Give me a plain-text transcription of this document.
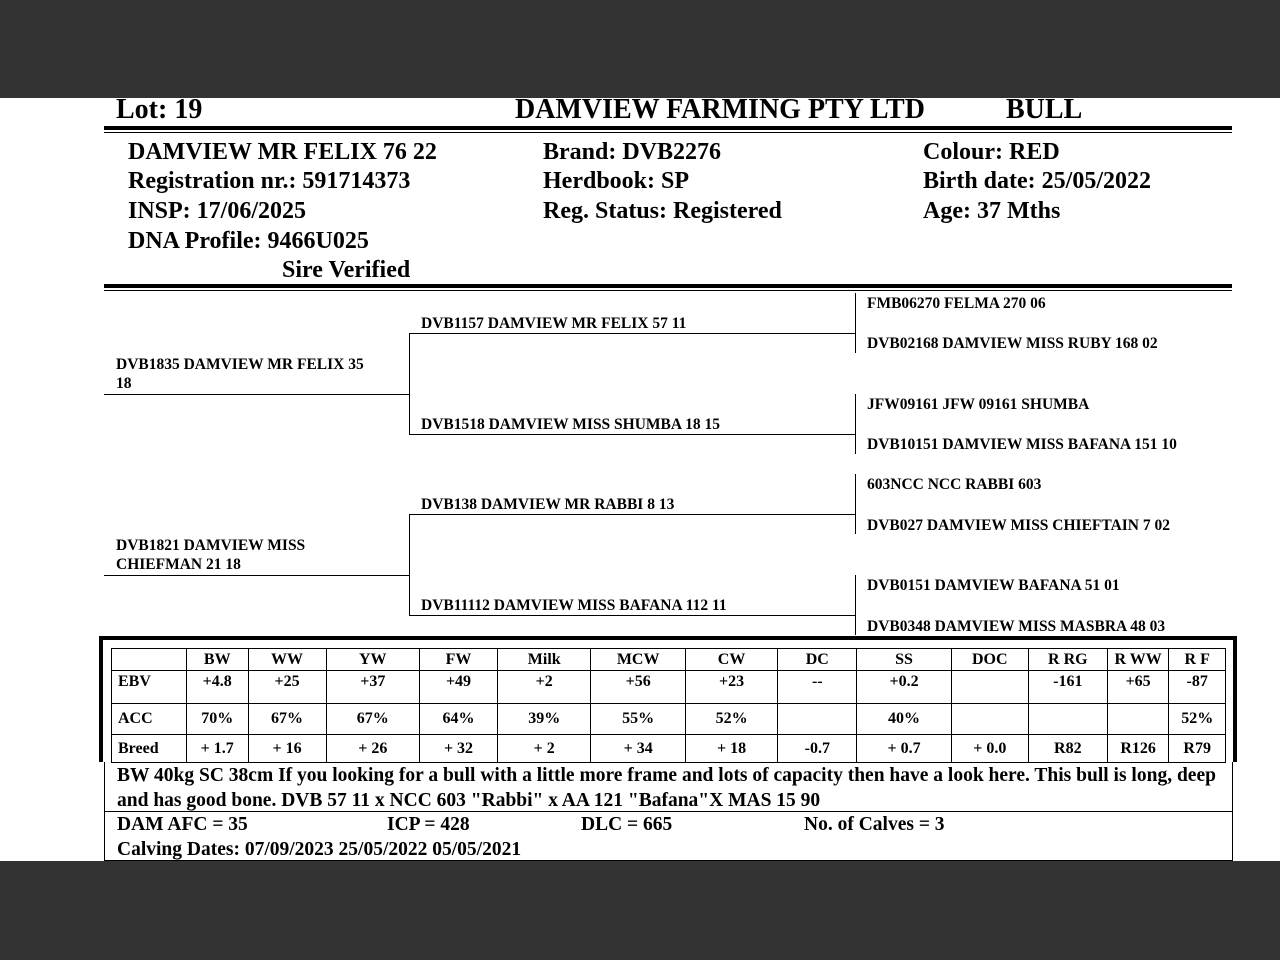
Lot: 19	DAMVIEW FARMING PTY LTD	BULL
DAMVIEW MR FELIX 76 22
Registration nr.: 591714373
INSP: 17/06/2025
DNA Profile: 9466U025
Sire Verified
Brand: DVB2276
Herdbook: SP
Reg. Status: Registered
Colour: RED
Birth date: 25/05/2022
Age: 37 Mths
DVB1835 DAMVIEW MR FELIX 35
18
DVB1821 DAMVIEW MISS
CHIEFMAN 21 18
DVB1157 DAMVIEW MR FELIX 57 11
DVB1518 DAMVIEW MISS SHUMBA 18 15
DVB138 DAMVIEW MR RABBI 8 13
DVB11112 DAMVIEW MISS BAFANA 112 11
FMB06270 FELMA 270 06
DVB02168 DAMVIEW MISS RUBY 168 02
JFW09161 JFW 09161 SHUMBA
DVB10151 DAMVIEW MISS BAFANA 151 10
603NCC NCC RABBI 603
DVB027 DAMVIEW MISS CHIEFTAIN 7 02
DVB0151 DAMVIEW BAFANA 51 01
DVB0348 DAMVIEW MISS MASBRA 48 03
	BW	WW	YW	FW	Milk	MCW	CW	DC	SS	DOC	R RG	R WW	R F
EBV	+4.8	+25	+37	+49	+2	+56	+23	--	+0.2		-161	+65	-87
ACC	70%	67%	67%	64%	39%	55%	52%		40%				52%
Breed	+ 1.7	+ 16	+ 26	+ 32	+ 2	+ 34	+ 18	-0.7	+ 0.7	+ 0.0	R82	R126	R79
BW 40kg SC 38cm If you looking for a bull with a little more frame and lots of capacity then have a look here. This bull is long, deep and has good bone. DVB 57 11 x NCC 603 "Rabbi" x AA 121 "Bafana"X MAS 15 90
DAM AFC = 35	ICP = 428	DLC = 665	No. of Calves = 3
Calving Dates: 07/09/2023 25/05/2022 05/05/2021
